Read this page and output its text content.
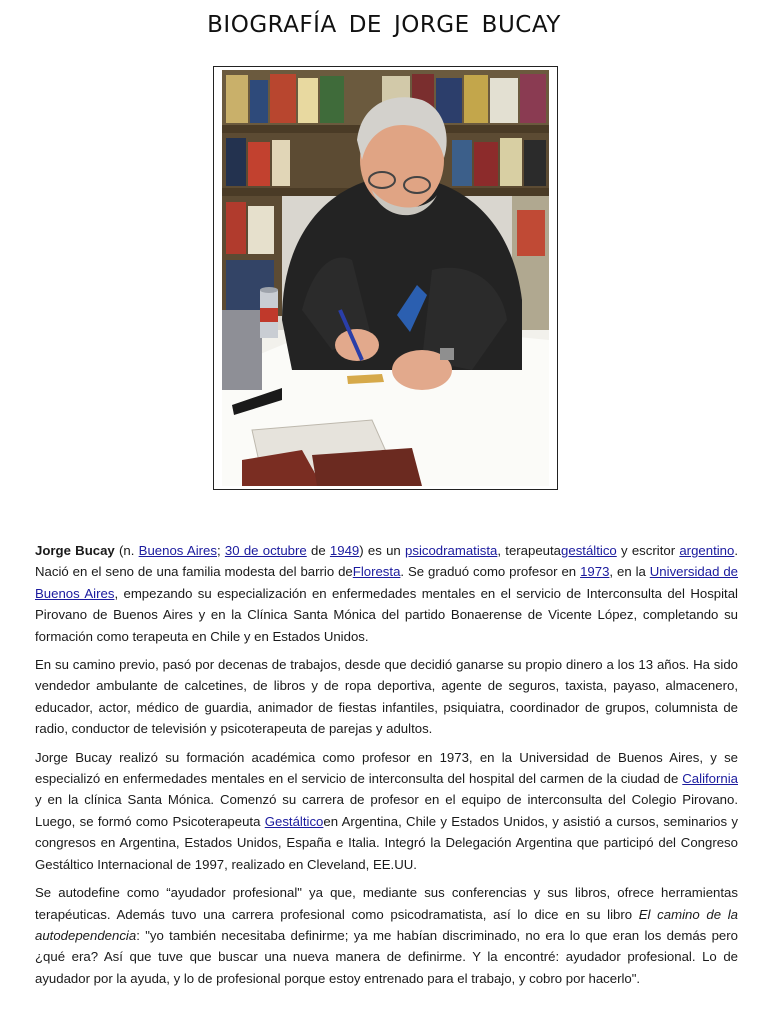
BIOGRAFÍA DE JORGE BUCAY

Jorge Bucay (n. Buenos Aires; 30 de octubre de 1949) es un psicodramatista, terapeutagestáltico y escritor argentino. Nació en el seno de una familia modesta del barrio deFloresta. Se graduó como profesor en 1973, en la Universidad de Buenos Aires, empezando su especialización en enfermedades mentales en el servicio de Interconsulta del Hospital Pirovano de Buenos Aires y en la Clínica Santa Mónica del partido Bonaerense de Vicente López, completando su formación como terapeuta en Chile y en Estados Unidos.

En su camino previo, pasó por decenas de trabajos, desde que decidió ganarse su propio dinero a los 13 años. Ha sido vendedor ambulante de calcetines, de libros y de ropa deportiva, agente de seguros, taxista, payaso, almacenero, educador, actor, médico de guardia, animador de fiestas infantiles, psiquiatra, coordinador de grupos, columnista de radio, conductor de televisión y psicoterapeuta de parejas y adultos.

Jorge Bucay realizó su formación académica como profesor en 1973, en la Universidad de Buenos Aires, y se especializó en enfermedades mentales en el servicio de interconsulta del hospital del carmen de la ciudad de California y en la clínica Santa Mónica. Comenzó su carrera de profesor en el equipo de interconsulta del Colegio Pirovano. Luego, se formó como Psicoterapeuta Gestálticoen Argentina, Chile y Estados Unidos, y asistió a cursos, seminarios y congresos en Argentina, Estados Unidos, España e Italia. Integró la Delegación Argentina que participó del Congreso Gestáltico Internacional de 1997, realizado en Cleveland, EE.UU.

Se autodefine como “ayudador profesional" ya que, mediante sus conferencias y sus libros, ofrece herramientas terapéuticas. Además tuvo una carrera profesional como psicodramatista, así lo dice en su libro El camino de la autodependencia: "yo también necesitaba definirme; ya me habían discriminado, no era lo que eran los demás pero ¿qué era? Así que tuve que buscar una nueva manera de definirme. Y la encontré: ayudador profesional. Lo de ayudador por la ayuda, y lo de profesional porque estoy entrenado para el trabajo, y cobro por hacerlo".
